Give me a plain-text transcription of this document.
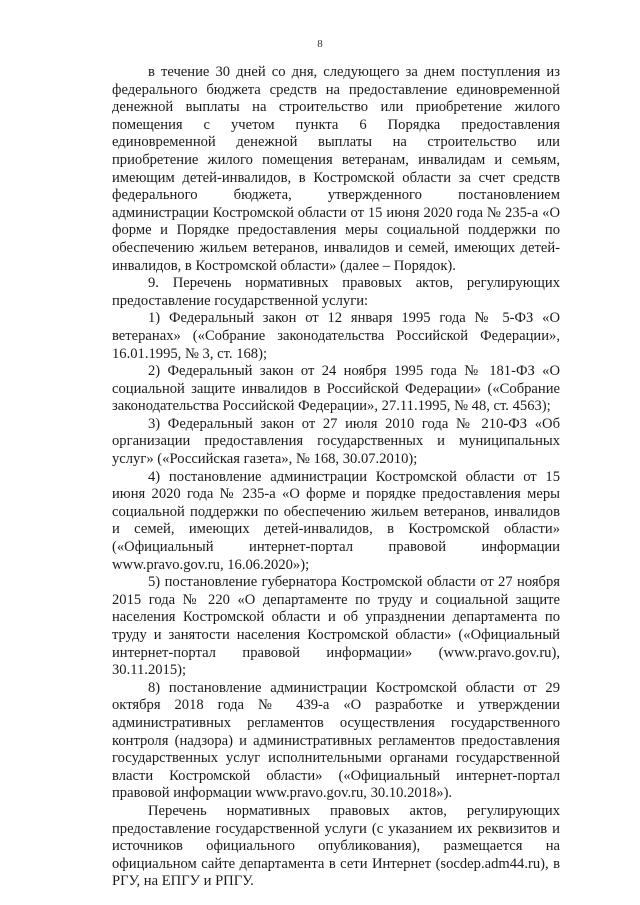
8

в течение 30 дней со дня, следующего за днем поступления из федерального бюджета средств на предоставление единовременной денежной выплаты на строительство или приобретение жилого помещения с учетом пункта 6 Порядка предоставления единовременной денежной выплаты на строительство или приобретение жилого помещения ветеранам, инвалидам и семьям, имеющим детей-инвалидов, в Костромской области за счет средств федерального бюджета, утвержденного постановлением администрации Костромской области от 15 июня 2020 года № 235-а «О форме и Порядке предоставления меры социальной поддержки по обеспечению жильем ветеранов, инвалидов и семей, имеющих детей-инвалидов, в Костромской области» (далее – Порядок).

9. Перечень нормативных правовых актов, регулирующих предоставление государственной услуги:

1) Федеральный закон от 12 января 1995 года № 5-ФЗ «О ветеранах» («Собрание законодательства Российской Федерации», 16.01.1995, № 3, ст. 168);

2) Федеральный закон от 24 ноября 1995 года № 181-ФЗ «О социальной защите инвалидов в Российской Федерации» («Собрание законодательства Российской Федерации», 27.11.1995, № 48, ст. 4563);

3) Федеральный закон от 27 июля 2010 года № 210-ФЗ «Об организации предоставления государственных и муниципальных услуг» («Российская газета», № 168, 30.07.2010);

4) постановление администрации Костромской области от 15 июня 2020 года № 235-а «О форме и порядке предоставления меры социальной поддержки по обеспечению жильем ветеранов, инвалидов и семей, имеющих детей-инвалидов, в Костромской области» («Официальный интернет-портал правовой информации www.pravo.gov.ru, 16.06.2020»);

5) постановление губернатора Костромской области от 27 ноября 2015 года № 220 «О департаменте по труду и социальной защите населения Костромской области и об упразднении департамента по труду и занятости населения Костромской области» («Официальный интернет-портал правовой информации» (www.pravo.gov.ru), 30.11.2015);

8) постановление администрации Костромской области от 29 октября 2018 года № 439-а «О разработке и утверждении административных регламентов осуществления государственного контроля (надзора) и административных регламентов предоставления государственных услуг исполнительными органами государственной власти Костромской области» («Официальный интернет-портал правовой информации www.pravo.gov.ru, 30.10.2018»).

Перечень нормативных правовых актов, регулирующих предоставление государственной услуги (с указанием их реквизитов и источников официального опубликования), размещается на официальном сайте департамента в сети Интернет (socdep.adm44.ru), в РГУ, на ЕПГУ и РПГУ.
